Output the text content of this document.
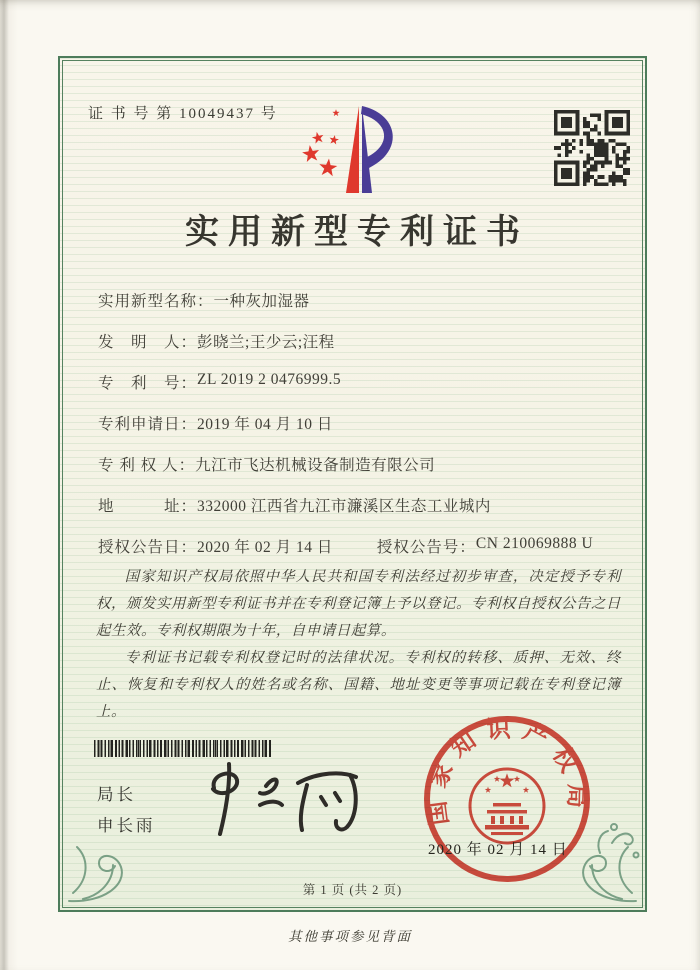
证 书 号 第 10049437 号
实用新型专利证书
实用新型名称： 一种灰加湿器
发　明　人： 彭晓兰;王少云;汪程
专　利　号： ZL 2019 2 0476999.5
专利申请日： 2019 年 04 月 10 日
专 利 权 人： 九江市飞达机械设备制造有限公司
地　　　址： 332000 江西省九江市濂溪区生态工业城内
授权公告日： 2020 年 02 月 14 日	授权公告号： CN 210069888 U

国家知识产权局依照中华人民共和国专利法经过初步审查，决定授予专利权，颁发实用新型专利证书并在专利登记簿上予以登记。专利权自授权公告之日起生效。专利权期限为十年，自申请日起算。

专利证书记载专利权登记时的法律状况。专利权的转移、质押、无效、终止、恢复和专利权人的姓名或名称、国籍、地址变更等事项记载在专利登记簿上。

局长
申长雨	国家知识产权局
2020 年 02 月 14 日
第 1 页 (共 2 页)
其他事项参见背面
